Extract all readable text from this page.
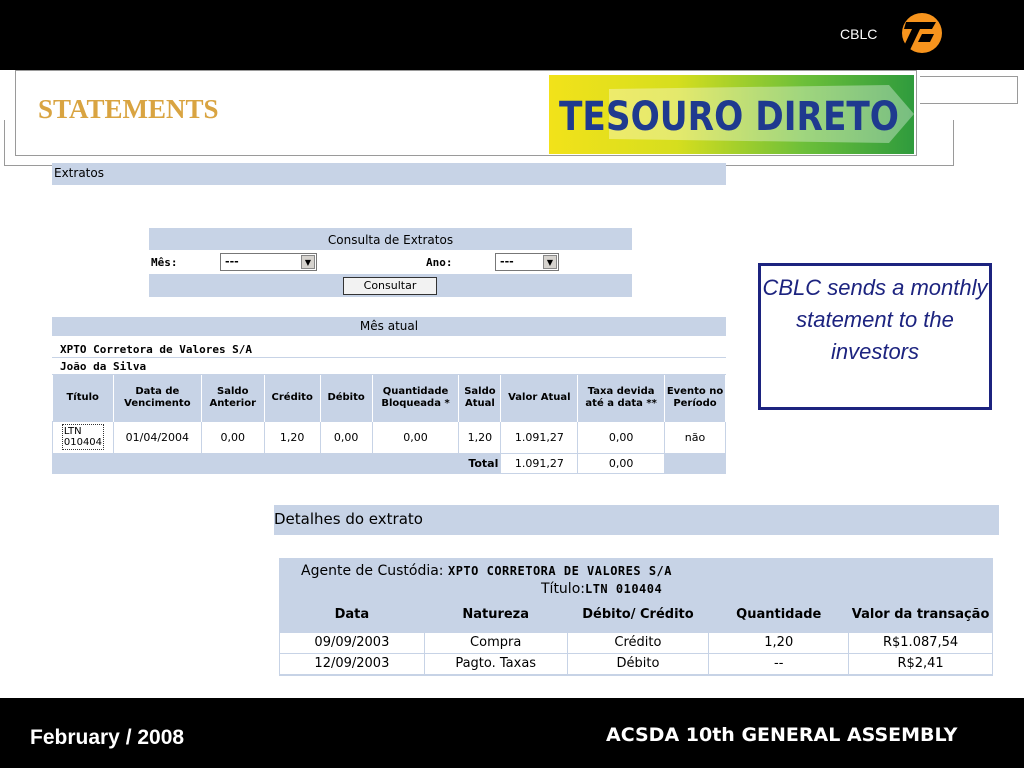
CBLC
STATEMENTS	TESOURO DIRETO
Extratos
Consulta de Extratos
Mês:	---	▼	Ano:	---	▼
Consultar
Mês atual
XPTO Corretora de Valores S/A
João da Silva
Título	Data de Vencimento	Saldo Anterior	Crédito	Débito	Quantidade Bloqueada *	Saldo Atual	Valor Atual	Taxa devida até a data **	Evento no Período
LTN
010404	01/04/2004	0,00	1,20	0,00	0,00	1,20	1.091,27	0,00	não
Total							1.091,27	0,00	
CBLC sends a monthly statement to the investors
Detalhes do extrato
Agente de Custódia: XPTO CORRETORA DE VALORES S/A
Título:LTN 010404
Data	Natureza	Débito/ Crédito	Quantidade	Valor da transação
09/09/2003	Compra	Crédito	1,20	R$1.087,54
12/09/2003	Pagto. Taxas	Débito	--	R$2,41
February / 2008	ACSDA 10th GENERAL ASSEMBLY
